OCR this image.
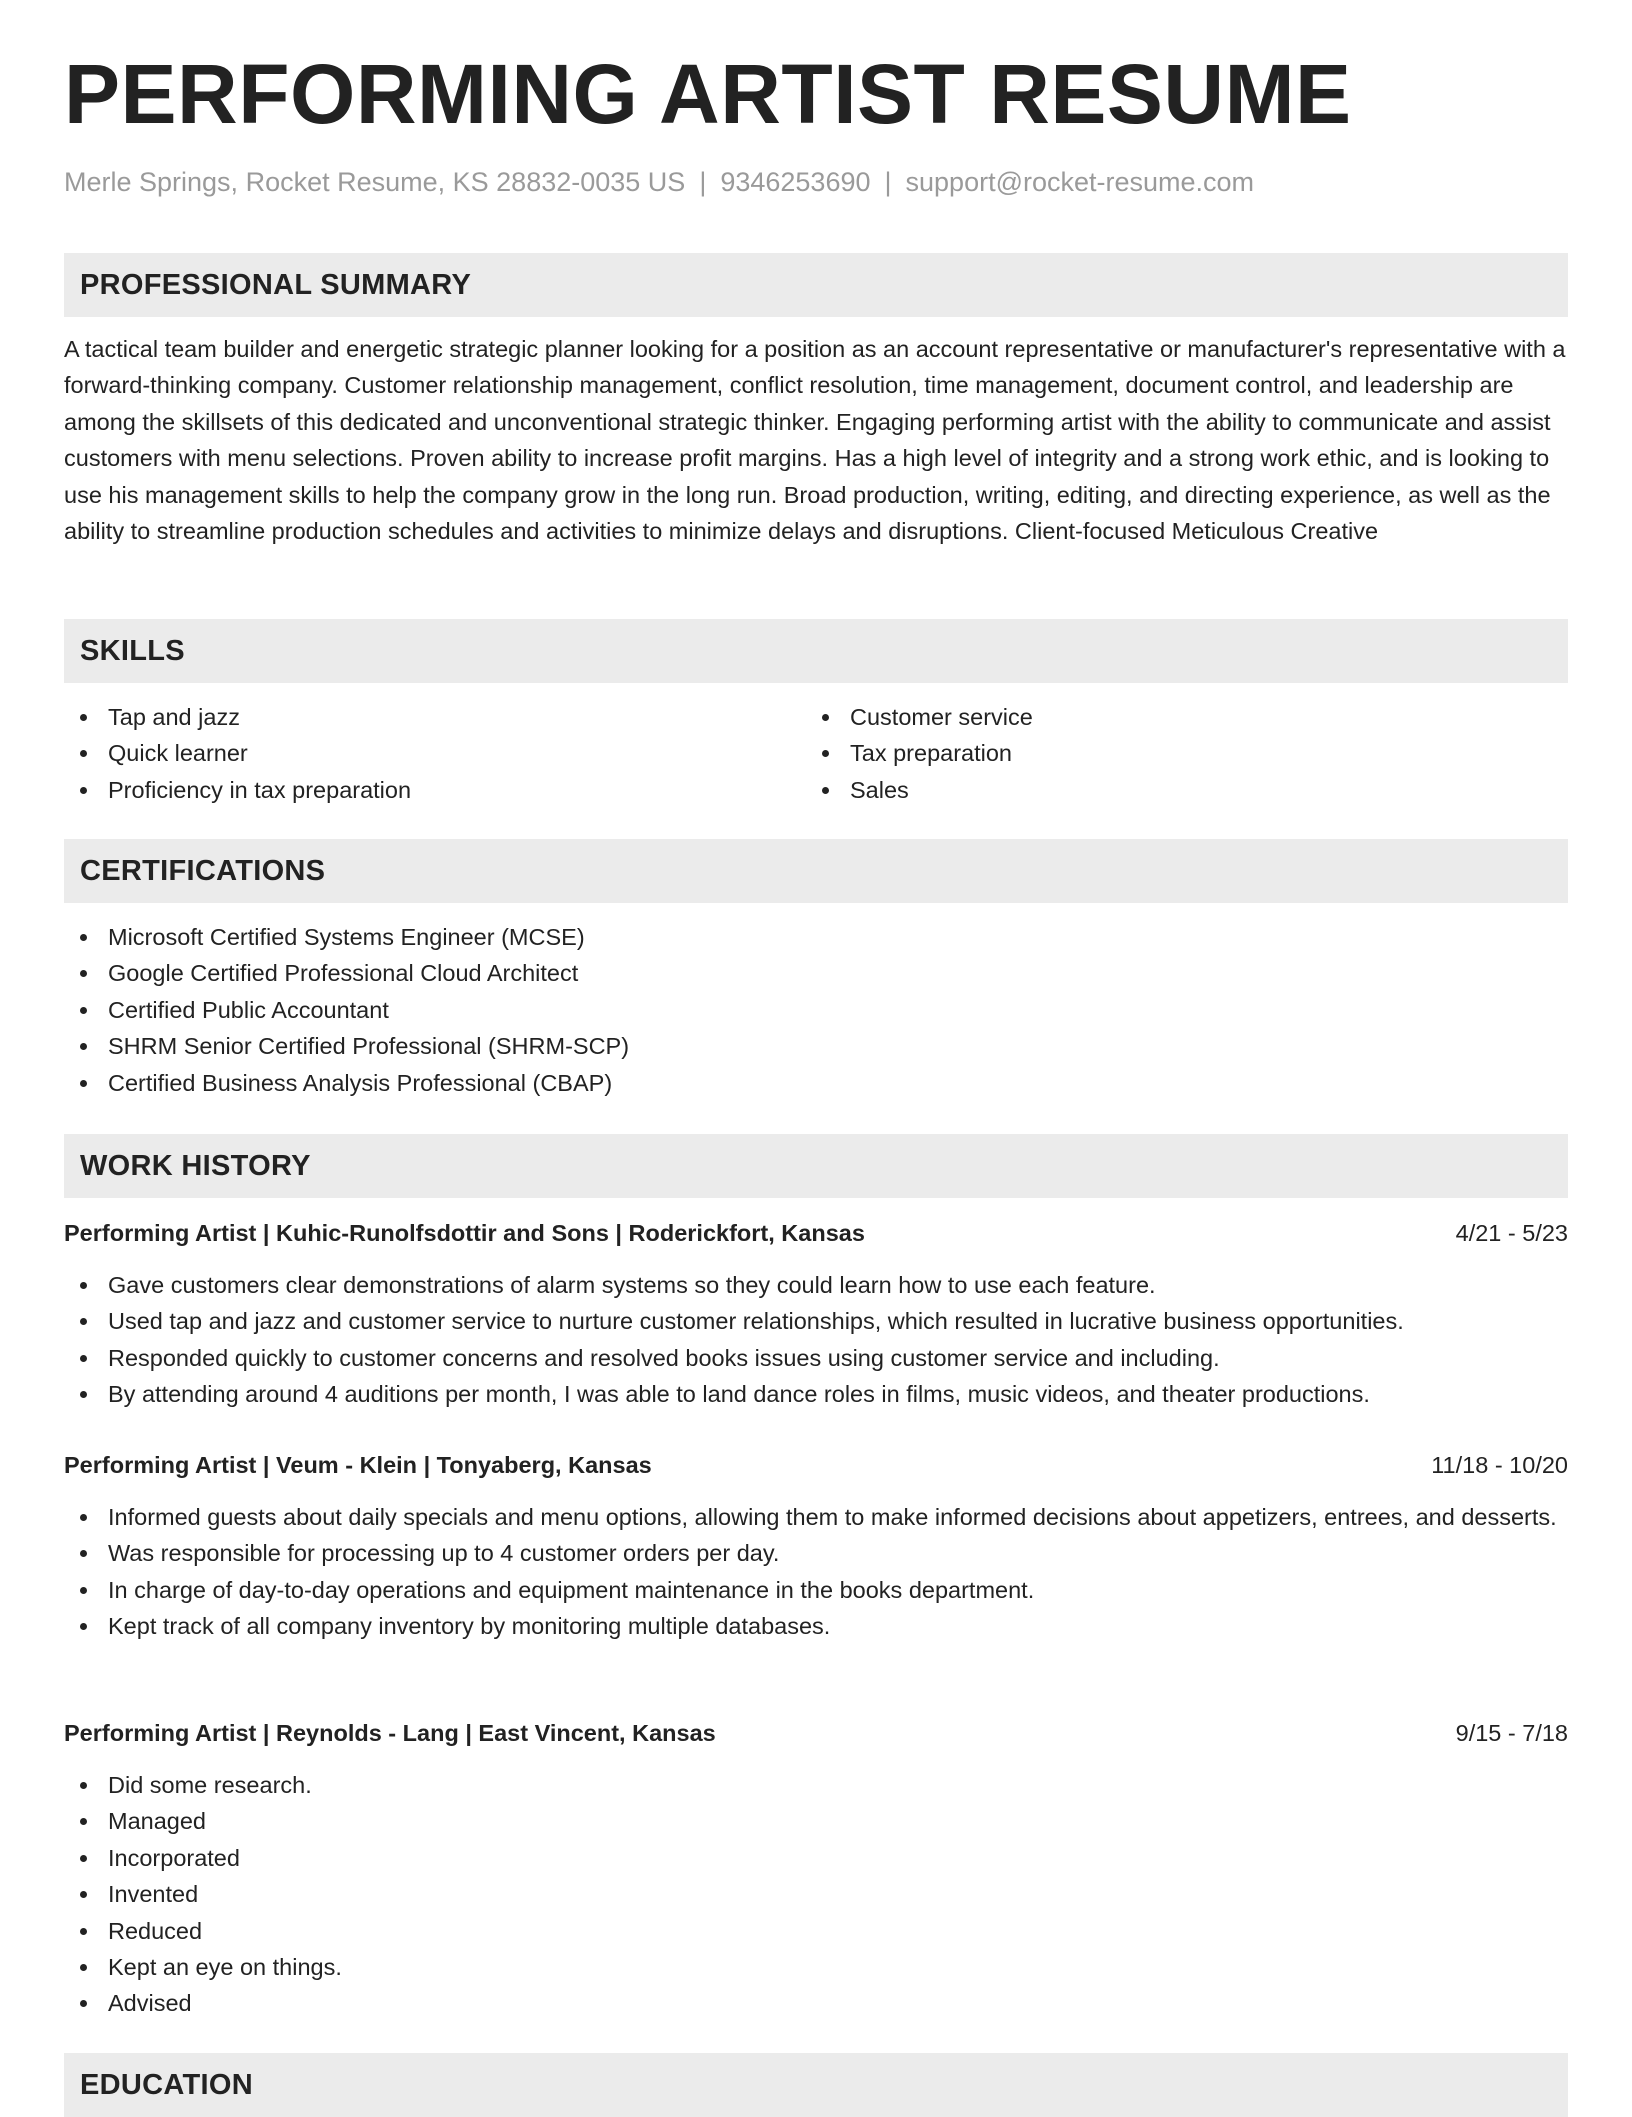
PERFORMING ARTIST RESUME
Merle Springs, Rocket Resume, KS 28832-0035 US | 9346253690 | support@rocket-resume.com
PROFESSIONAL SUMMARY

A tactical team builder and energetic strategic planner looking for a position as an account representative or manufacturer's representative with a forward-thinking company. Customer relationship management, conflict resolution, time management, document control, and leadership are among the skillsets of this dedicated and unconventional strategic thinker. Engaging performing artist with the ability to communicate and assist customers with menu selections. Proven ability to increase profit margins. Has a high level of integrity and a strong work ethic, and is looking to use his management skills to help the company grow in the long run. Broad production, writing, editing, and directing experience, as well as the ability to streamline production schedules and activities to minimize delays and disruptions. Client-focused Meticulous Creative

SKILLS
Tap and jazz
Quick learner
Proficiency in tax preparation
Customer service
Tax preparation
Sales
CERTIFICATIONS
Microsoft Certified Systems Engineer (MCSE)
Google Certified Professional Cloud Architect
Certified Public Accountant
SHRM Senior Certified Professional (SHRM-SCP)
Certified Business Analysis Professional (CBAP)
WORK HISTORY
Performing Artist | Kuhic-Runolfsdottir and Sons | Roderickfort, Kansas	4/21 - 5/23
Gave customers clear demonstrations of alarm systems so they could learn how to use each feature.
Used tap and jazz and customer service to nurture customer relationships, which resulted in lucrative business opportunities.
Responded quickly to customer concerns and resolved books issues using customer service and including.
By attending around 4 auditions per month, I was able to land dance roles in films, music videos, and theater productions.
Performing Artist | Veum - Klein | Tonyaberg, Kansas	11/18 - 10/20
Informed guests about daily specials and menu options, allowing them to make informed decisions about appetizers, entrees, and desserts.
Was responsible for processing up to 4 customer orders per day.
In charge of day-to-day operations and equipment maintenance in the books department.
Kept track of all company inventory by monitoring multiple databases.
Performing Artist | Reynolds - Lang | East Vincent, Kansas	9/15 - 7/18
Did some research.
Managed
Incorporated
Invented
Reduced
Kept an eye on things.
Advised
EDUCATION
